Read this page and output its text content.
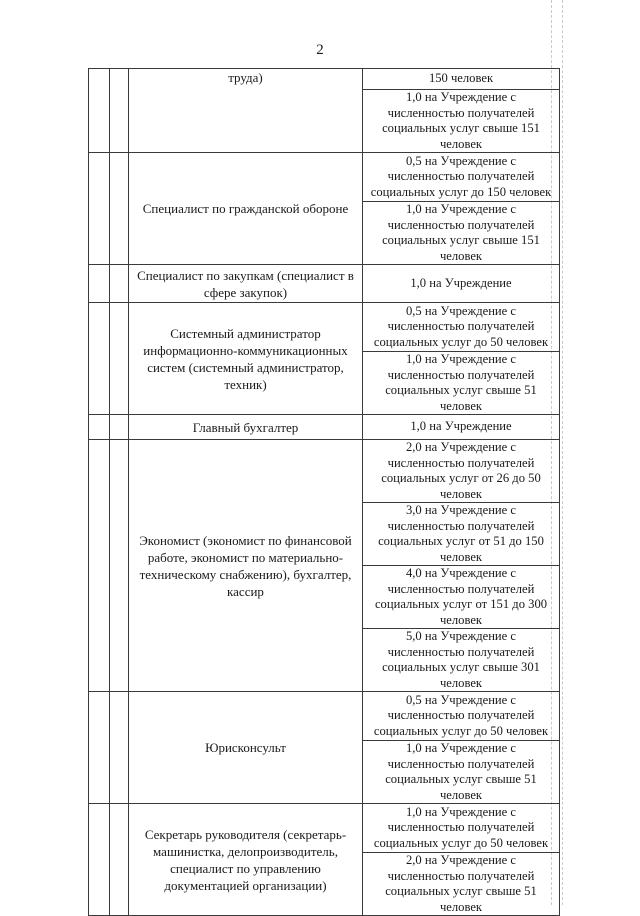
2
		труда)	150 человек
			1,0 на Учреждение с численностью получателей социальных услуг свыше 151 человек
		Специалист по гражданской обороне	0,5 на Учреждение с численностью получателей социальных услуг до 150 человек
			1,0 на Учреждение с численностью получателей социальных услуг свыше 151 человек
		Специалист по закупкам (специалист в сфере закупок)	1,0 на Учреждение
		Системный администратор информационно-коммуникационных систем (системный администратор, техник)	0,5 на Учреждение с численностью получателей социальных услуг до 50 человек
			1,0 на Учреждение с численностью получателей социальных услуг свыше 51 человек
		Главный бухгалтер	1,0 на Учреждение
		Экономист (экономист по финансовой работе, экономист по материально-техническому снабжению), бухгалтер, кассир	2,0 на Учреждение с численностью получателей социальных услуг от 26 до 50 человек
			3,0 на Учреждение с численностью получателей социальных услуг от 51 до 150 человек
			4,0 на Учреждение с численностью получателей социальных услуг от 151 до 300 человек
			5,0 на Учреждение с численностью получателей социальных услуг свыше 301 человек
		Юрисконсульт	0,5 на Учреждение с численностью получателей социальных услуг до 50 человек
			1,0 на Учреждение с численностью получателей социальных услуг свыше 51 человек
		Секретарь руководителя (секретарь-машинистка, делопроизводитель, специалист по управлению документацией организации)	1,0 на Учреждение с численностью получателей социальных услуг до 50 человек
			2,0 на Учреждение с численностью получателей социальных услуг свыше 51 человек
